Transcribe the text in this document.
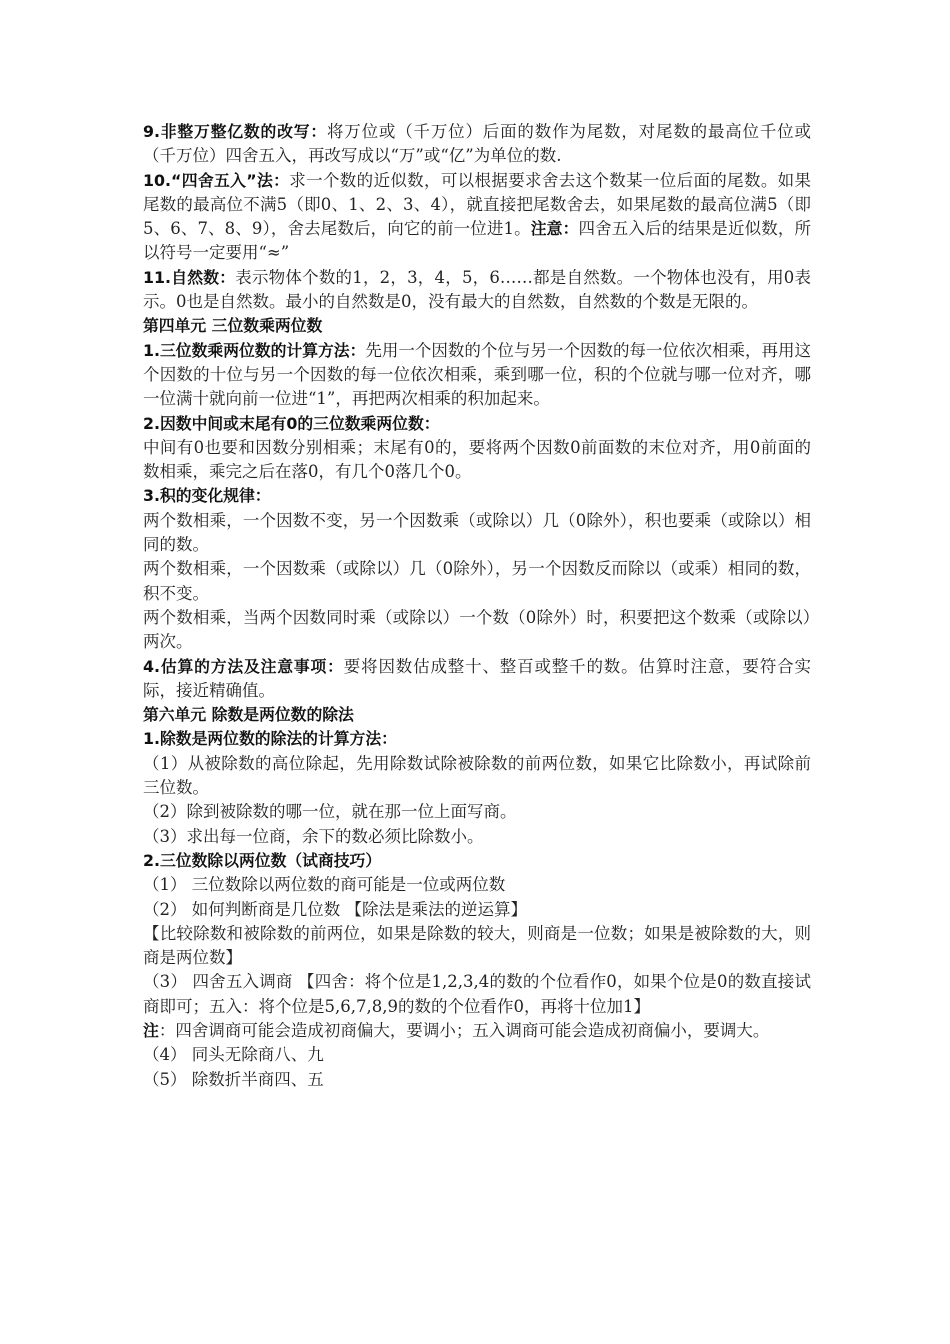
9.非整万整亿数的改写：将万位或（千万位）后面的数作为尾数，对尾数的最高位千位或（千万位）四舍五入，再改写成以“万”或“亿”为单位的数.

10.“四舍五入”法：求一个数的近似数，可以根据要求舍去这个数某一位后面的尾数。如果尾数的最高位不满5（即0、1、2、3、4），就直接把尾数舍去，如果尾数的最高位满5（即5、6、7、8、9），舍去尾数后，向它的前一位进1。注意：四舍五入后的结果是近似数，所以符号一定要用“≈”

11.自然数：表示物体个数的1，2，3，4，5，6……都是自然数。一个物体也没有，用0表示。0也是自然数。最小的自然数是0，没有最大的自然数，自然数的个数是无限的。

第四单元 三位数乘两位数

1.三位数乘两位数的计算方法：先用一个因数的个位与另一个因数的每一位依次相乘，再用这个因数的十位与另一个因数的每一位依次相乘，乘到哪一位，积的个位就与哪一位对齐，哪一位满十就向前一位进“1”，再把两次相乘的积加起来。

2.因数中间或末尾有0的三位数乘两位数：

中间有0也要和因数分别相乘；末尾有0的，要将两个因数0前面数的末位对齐，用0前面的数相乘，乘完之后在落0，有几个0落几个0。

3.积的变化规律：

两个数相乘，一个因数不变，另一个因数乘（或除以）几（0除外），积也要乘（或除以）相同的数。

两个数相乘，一个因数乘（或除以）几（0除外），另一个因数反而除以（或乘）相同的数，积不变。

两个数相乘，当两个因数同时乘（或除以）一个数（0除外）时，积要把这个数乘（或除以）两次。

4.估算的方法及注意事项：要将因数估成整十、整百或整千的数。估算时注意，要符合实际，接近精确值。

第六单元 除数是两位数的除法

1.除数是两位数的除法的计算方法：

（1）从被除数的高位除起，先用除数试除被除数的前两位数，如果它比除数小，再试除前三位数。

（2）除到被除数的哪一位，就在那一位上面写商。

（3）求出每一位商，余下的数必须比除数小。

2.三位数除以两位数（试商技巧）

（1） 三位数除以两位数的商可能是一位或两位数

（2） 如何判断商是几位数 【除法是乘法的逆运算】

【比较除数和被除数的前两位，如果是除数的较大，则商是一位数；如果是被除数的大，则商是两位数】

（3） 四舍五入调商 【四舍：将个位是1,2,3,4的数的个位看作0，如果个位是0的数直接试商即可；五入：将个位是5,6,7,8,9的数的个位看作0，再将十位加1】

注：四舍调商可能会造成初商偏大，要调小；五入调商可能会造成初商偏小，要调大。

（4） 同头无除商八、九

（5） 除数折半商四、五
